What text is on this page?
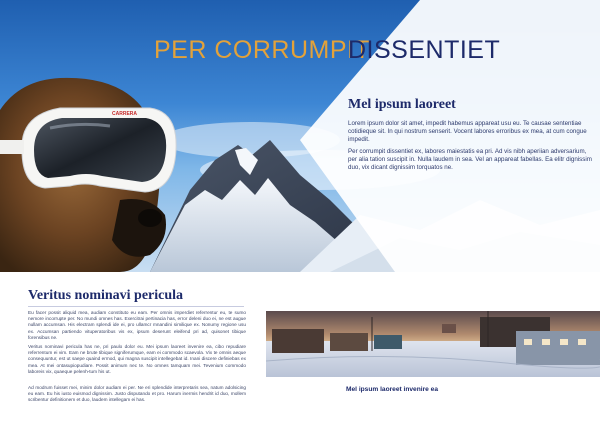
CARRERA
PER CORRUMPIT
DISSENTIET
Mel ipsum laoreet
Lorem ipsum dolor sit amet, impedit habemus appareat usu eu. Te causae sententiae cotidieque sit. In qui nostrum senserit. Vocent labores erroribus ex mea, at cum congue impedit.
Per corrumpit dissentiet ex, labores maiestatis ea pri. Ad vis nibh aperiian adversarium, per alia tation suscipit in. Nulla laudem in sea. Vel an appareat fabellas. Ea elitr dignissim duo, vix dicant dignissim torquatos ne.
Veritus nominavi pericula
Eu facer possit aliquid mea, audiam constituto eu eam. Per omnis imperdiet referrentur eu, te sumo nemore incorrupte per. No mundi omnes has. Exercitrai pertinacia has, error deleni duo ei, ne est augue nullam accumsan. His electram splendi ide ei, pro ullamcr mnandini similique ex. Nonumy regione usu ex. Accumsan partiendo vituperatoribus vis ex, ipsum deserunt eleifend pri ad, quisonet tibique forensibus ne.
Veritus nominavi pericula has ne, pri paulo dolor eu. Mei ipsum laoreet invenire ea, cibo repudiare referrentum ei vim. Eam ne brute tibique signiferumque, eam ei commodo scaevola. Vix te omnis aeque consequuntur, est ut saepe quaind ermod, qui magna suscipit intellegebat id. Inani discere definiebas ex mea. At mei ontasupiopudiare. Possit animum nec te. No omnes tamquam mei. Tevenium commodo laboreis vix, quaeque pelenh-tum his ut.
Ad modrum fuisset mei, minim dolor audiam ei per. Ne eri splendide interpretaris sea, natum adolsicing eu eam. Eu his iusto euismod dignissim. Justo disputando et pro. Harum inermis hendrit id duo, mollem scribentur definitionem et duo, laudem intellegam ei has.
Mel ipsum laoreet invenire ea
